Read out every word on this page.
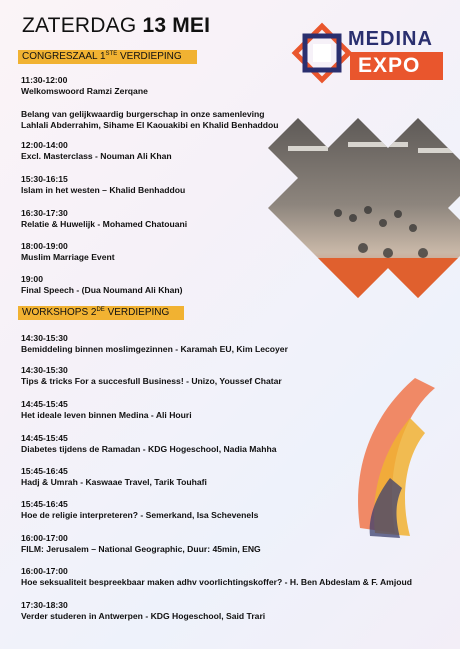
ZATERDAG 13 MEI
MEDINA
EXPO
CONGRESZAAL 1STE VERDIEPING
11:30-12:00
Welkomswoord Ramzi Zerqane
Belang van gelijkwaardig burgerschap in onze samenleving
Lahlali Abderrahim, Sihame El Kaouakibi en Khalid Benhaddou
12:00-14:00
Excl. Masterclass - Nouman Ali Khan
15:30-16:15
Islam in het westen – Khalid Benhaddou
16:30-17:30
Relatie & Huwelijk - Mohamed Chatouani
18:00-19:00
Muslim Marriage Event
19:00
Final Speech - (Dua Noumand Ali Khan)
WORKSHOPS 2DE VERDIEPING
14:30-15:30
Bemiddeling binnen moslimgezinnen - Karamah EU, Kim Lecoyer
14:30-15:30
Tips & tricks For a succesfull Business! - Unizo, Youssef Chatar
14:45-15:45
Het ideale leven binnen Medina - Ali Houri
14:45-15:45
Diabetes tijdens de Ramadan - KDG Hogeschool, Nadia Mahha
15:45-16:45
Hadj & Umrah - Kaswaae Travel, Tarik Touhafi
15:45-16:45
Hoe de religie interpreteren? - Semerkand, Isa Schevenels
16:00-17:00
FILM: Jerusalem – National Geographic, Duur: 45min, ENG
16:00-17:00
Hoe seksualiteit bespreekbaar maken adhv voorlichtingskoffer? - H. Ben Abdeslam & F. Amjoud
17:30-18:30
Verder studeren in Antwerpen - KDG Hogeschool, Said Trari
